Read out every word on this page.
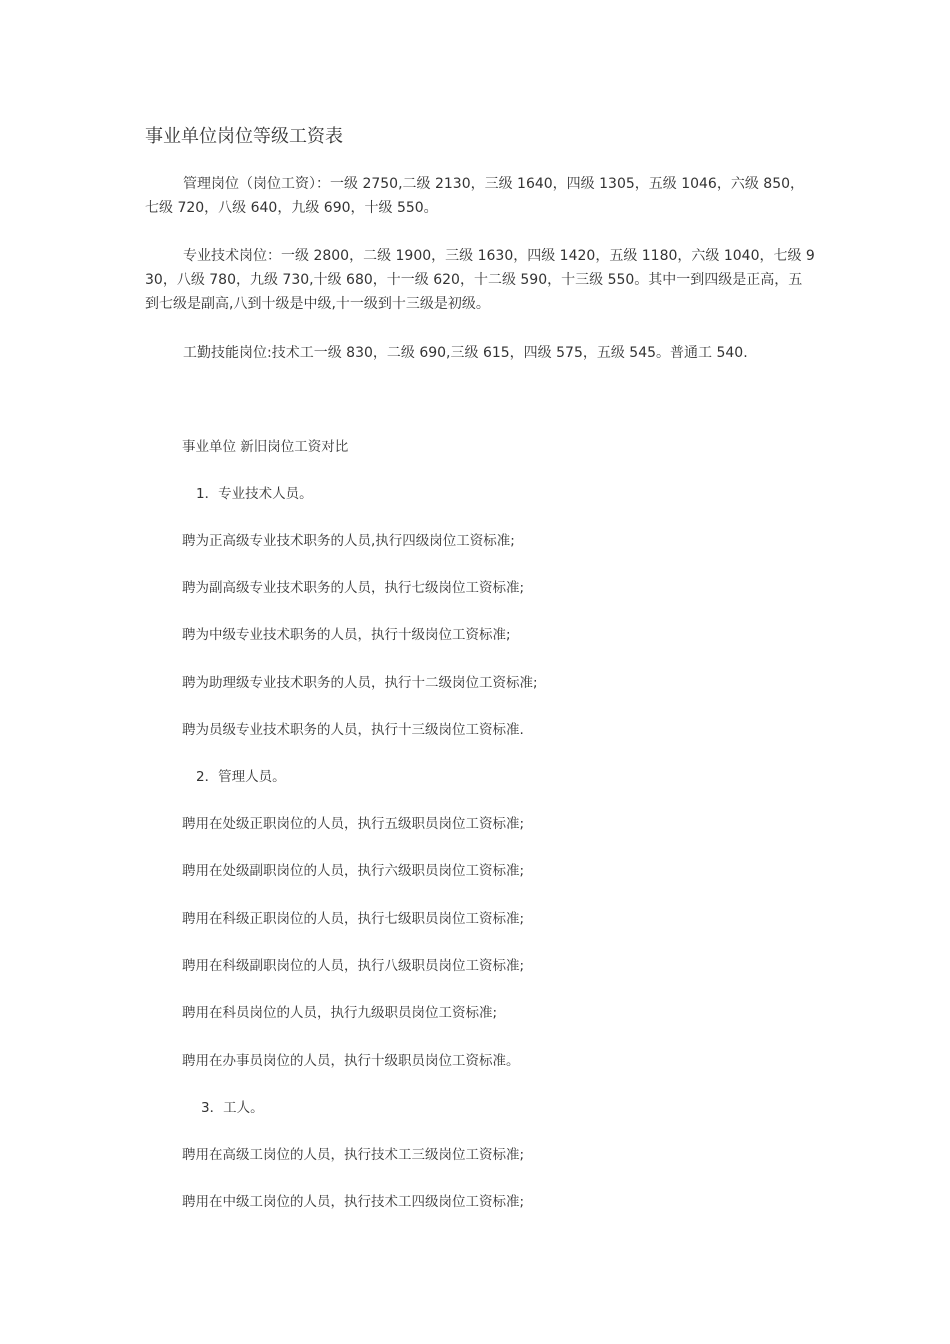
事业单位岗位等级工资表
管理岗位（岗位工资）：一级 2750,二级 2130，三级 1640，四级 1305，五级 1046，六级 850，七级 720，八级 640，九级 690，十级 550。
专业技术岗位：一级 2800，二级 1900，三级 1630，四级 1420，五级 1180，六级 1040，七级 930，八级 780，九级 730,十级 680，十一级 620，十二级 590，十三级 550。其中一到四级是正高，五到七级是副高,八到十级是中级,十一级到十三级是初级。
工勤技能岗位:技术工一级 830，二级 690,三级 615，四级 575，五级 545。普通工 540.
事业单位 新旧岗位工资对比
1．专业技术人员。
聘为正高级专业技术职务的人员,执行四级岗位工资标准;
聘为副高级专业技术职务的人员，执行七级岗位工资标准;
聘为中级专业技术职务的人员，执行十级岗位工资标准;
聘为助理级专业技术职务的人员，执行十二级岗位工资标准;
聘为员级专业技术职务的人员，执行十三级岗位工资标准.
2．管理人员。
聘用在处级正职岗位的人员，执行五级职员岗位工资标准;
聘用在处级副职岗位的人员，执行六级职员岗位工资标准;
聘用在科级正职岗位的人员，执行七级职员岗位工资标准;
聘用在科级副职岗位的人员，执行八级职员岗位工资标准;
聘用在科员岗位的人员，执行九级职员岗位工资标准;
聘用在办事员岗位的人员，执行十级职员岗位工资标准。
3．工人。
聘用在高级工岗位的人员，执行技术工三级岗位工资标准;
聘用在中级工岗位的人员，执行技术工四级岗位工资标准;
